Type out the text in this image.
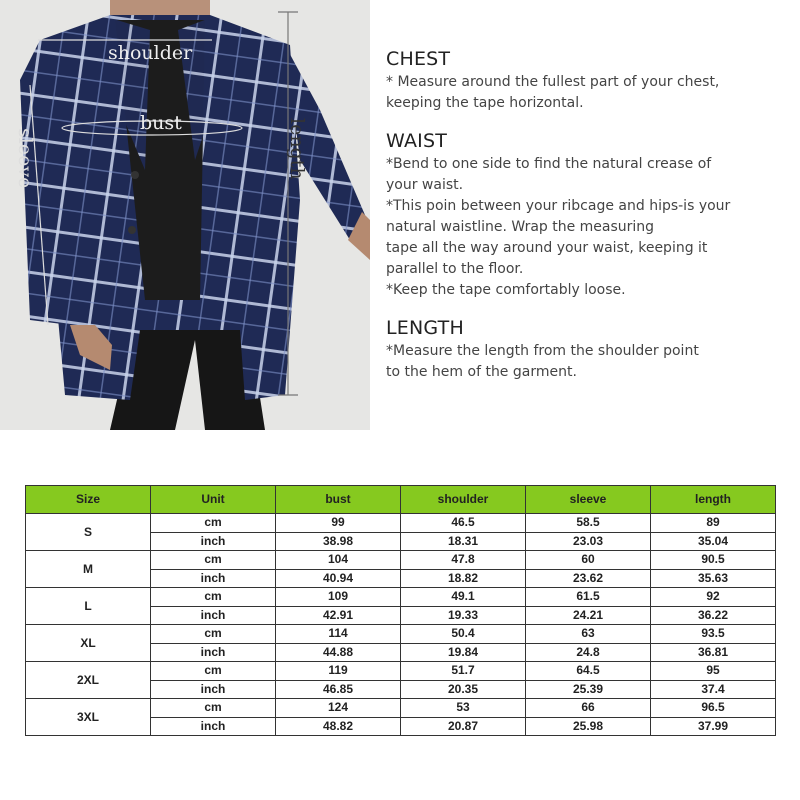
shoulder
bust
sleeve	length
CHEST

* Measure around the fullest part of your chest,
keeping the tape horizontal.

WAIST

*Bend to one side to find the natural crease of
your waist.
*This poin between your ribcage and hips-is your
natural waistline. Wrap the measuring
tape all the way around your waist, keeping it
parallel to the floor.
*Keep the tape comfortably loose.

LENGTH

*Measure the length from the shoulder point
to the hem of the garment.

Size	Unit	bust	shoulder	sleeve	length
S	cm	99	46.5	58.5	89
	inch	38.98	18.31	23.03	35.04
M	cm	104	47.8	60	90.5
	inch	40.94	18.82	23.62	35.63
L	cm	109	49.1	61.5	92
	inch	42.91	19.33	24.21	36.22
XL	cm	114	50.4	63	93.5
	inch	44.88	19.84	24.8	36.81
2XL	cm	119	51.7	64.5	95
	inch	46.85	20.35	25.39	37.4
3XL	cm	124	53	66	96.5
	inch	48.82	20.87	25.98	37.99
